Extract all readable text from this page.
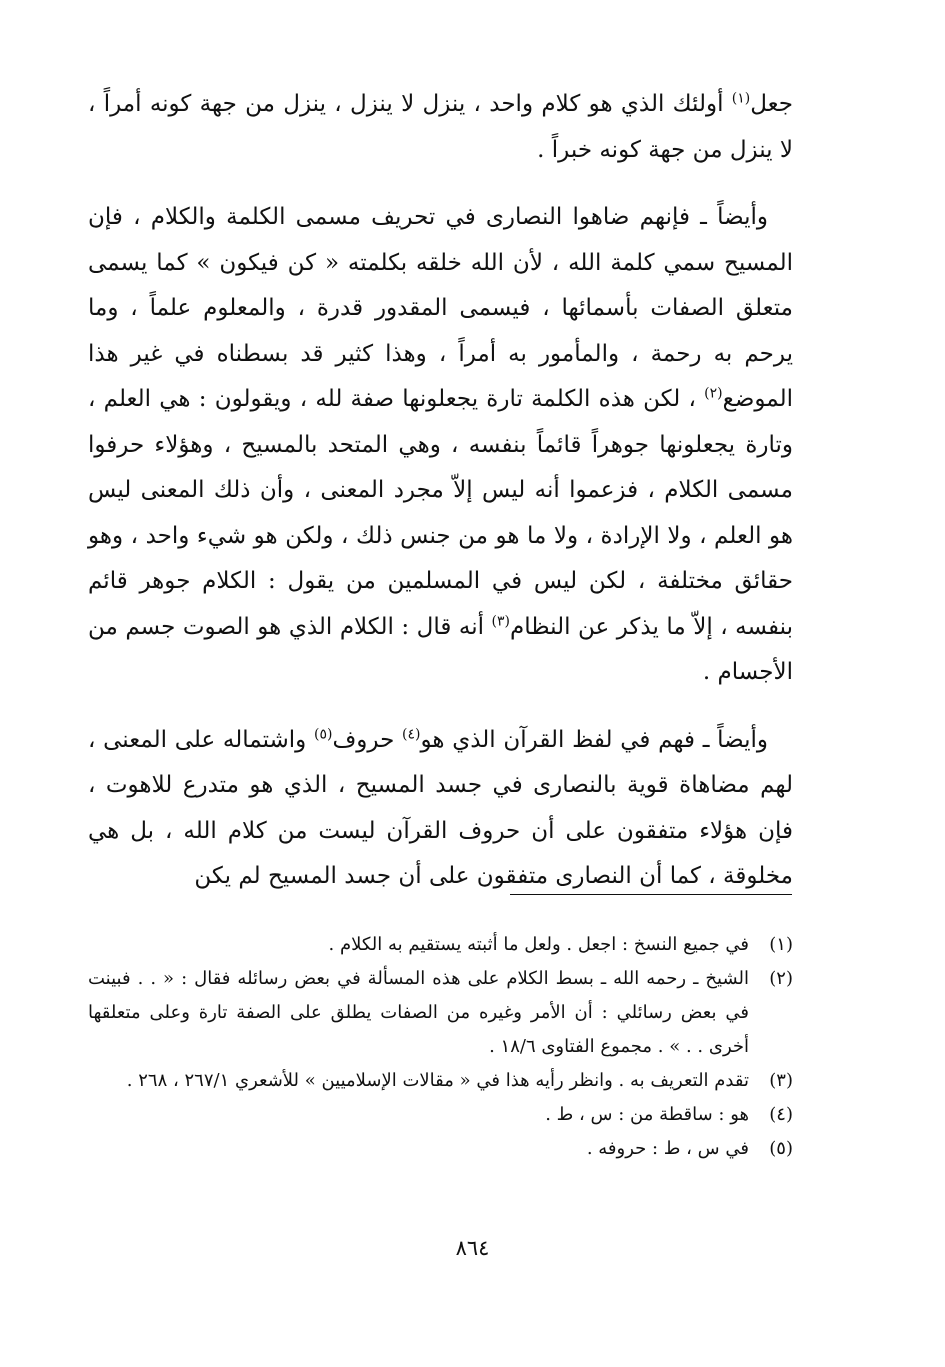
جعل$^{(١)}$ أولئك الذي هو كلام واحد ، ينزل لا ينزل ، ينزل من جهة كونه أمراً ، لا ينزل من جهة كونه خبراً .

وأيضاً ـ فإنهم ضاهوا النصارى في تحريف مسمى الكلمة والكلام ، فإن المسيح سمي كلمة الله ، لأن الله خلقه بكلمته « كن فيكون » كما يسمى متعلق الصفات بأسمائها ، فيسمى المقدور قدرة ، والمعلوم علماً ، وما يرحم به رحمة ، والمأمور به أمراً ، وهذا كثير قد بسطناه في غير هذا الموضع$^{(٢)}$ ، لكن هذه الكلمة تارة يجعلونها صفة لله ، ويقولون : هي العلم ، وتارة يجعلونها جوهراً قائماً بنفسه ، وهي المتحد بالمسيح ، وهؤلاء حرفوا مسمى الكلام ، فزعموا أنه ليس إلاّ مجرد المعنى ، وأن ذلك المعنى ليس هو العلم ، ولا الإرادة ، ولا ما هو من جنس ذلك ، ولكن هو شيء واحد ، وهو حقائق مختلفة ، لكن ليس في المسلمين من يقول : الكلام جوهر قائم بنفسه ، إلاّ ما يذكر عن النظام$^{(٣)}$ أنه قال : الكلام الذي هو الصوت جسم من الأجسام .

وأيضاً ـ فهم في لفظ القرآن الذي هو$^{(٤)}$ حروف$^{(٥)}$ واشتماله على المعنى ، لهم مضاهاة قوية بالنصارى في جسد المسيح ، الذي هو متدرع للاهوت ، فإن هؤلاء متفقون على أن حروف القرآن ليست من كلام الله ، بل هي مخلوقة ، كما أن النصارى متفقون على أن جسد المسيح لم يكن

(١)
في جميع النسخ : اجعل . ولعل ما أثبته يستقيم به الكلام .
(٢)
الشيخ ـ رحمه الله ـ بسط الكلام على هذه المسألة في بعض رسائله فقال : « . . فبينت في بعض رسائلي : أن الأمر وغيره من الصفات يطلق على الصفة تارة وعلى متعلقها أخرى . . » . مجموع الفتاوى ١٨/٦ .
(٣)
تقدم التعريف به . وانظر رأيه هذا في « مقالات الإسلاميين » للأشعري ٢٦٧/١ ، ٢٦٨ .
(٤)
هو : ساقطة من : س ، ط .
(٥)
في س ، ط : حروفه .
٨٦٤
